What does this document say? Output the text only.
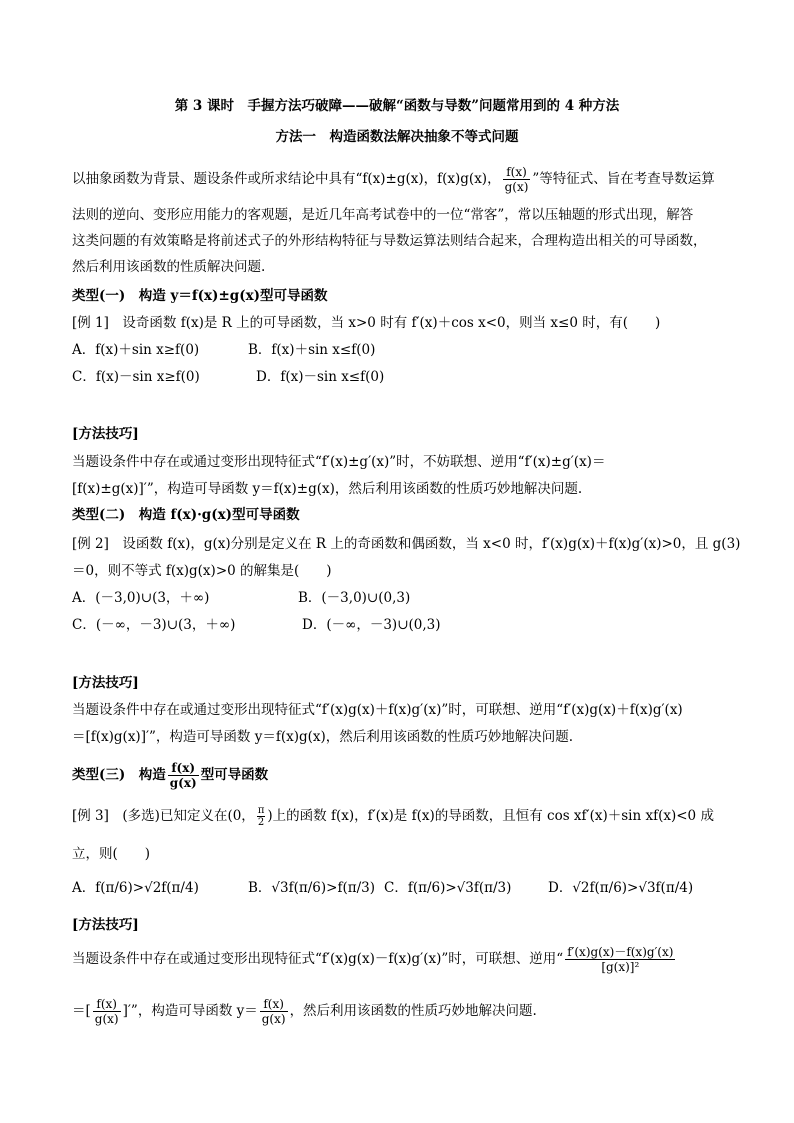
第 3 课时　手握方法巧破障——破解“函数与导数”问题常用到的 4 种方法
方法一　构造函数法解决抽象不等式问题
以抽象函数为背景、题设条件或所求结论中具有“f(x)±g(x)，f(x)g(x)， $\frac{f(x)}{g(x)}$ ”等特征式、旨在考查导数运算
法则的逆向、变形应用能力的客观题，是近几年高考试卷中的一位“常客”，常以压轴题的形式出现，解答
这类问题的有效策略是将前述式子的外形结构特征与导数运算法则结合起来，合理构造出相关的可导函数，
然后利用该函数的性质解决问题.
类型(一)　构造 y＝f(x)±g(x)型可导函数
[例 1]　设奇函数 f(x)是 R 上的可导函数，当 x>0 时有 f′(x)＋cos x<0，则当 x≤0 时，有(　　)
A．f(x)＋sin x≥f(0)	B．f(x)＋sin x≤f(0)
C．f(x)－sin x≥f(0)	D．f(x)－sin x≤f(0)
[方法技巧]
当题设条件中存在或通过变形出现特征式“f′(x)±g′(x)”时，不妨联想、逆用“f′(x)±g′(x)＝
[f(x)±g(x)]′”，构造可导函数 y＝f(x)±g(x)，然后利用该函数的性质巧妙地解决问题.
类型(二)　构造 f(x)·g(x)型可导函数
[例 2]　设函数 f(x)，g(x)分别是定义在 R 上的奇函数和偶函数，当 x<0 时，f′(x)g(x)＋f(x)g′(x)>0，且 g(3)
＝0，则不等式 f(x)g(x)>0 的解集是(　　)
A．(－3,0)∪(3，＋∞)	B．(－3,0)∪(0,3)
C．(－∞，－3)∪(3，＋∞)	D．(－∞，－3)∪(0,3)
[方法技巧]
当题设条件中存在或通过变形出现特征式“f′(x)g(x)＋f(x)g′(x)”时，可联想、逆用“f′(x)g(x)＋f(x)g′(x)
＝[f(x)g(x)]′”，构造可导函数 y＝f(x)g(x)，然后利用该函数的性质巧妙地解决问题.
类型(三)　构造 $\frac{f(x)}{g(x)}$ 型可导函数
[例 3]　(多选)已知定义在(0， $\frac{\pi}{2}$ )上的函数 f(x)，f′(x)是 f(x)的导函数，且恒有 cos xf′(x)＋sin xf(x)<0 成
立，则(　　)
A．f(π/6)>√2f(π/4)	B．√3f(π/6)>f(π/3) C．f(π/6)>√3f(π/3)	D．√2f(π/6)>√3f(π/4)
[方法技巧]
当题设条件中存在或通过变形出现特征式“f′(x)g(x)－f(x)g′(x)”时，可联想、逆用“ $\frac{f'(x)g(x)-f(x)g'(x)}{\text{[g(x)]²}}$
＝[ $\frac{f(x)}{g(x)}$ ]′”，构造可导函数 $y= \frac{f(x)}{g(x)}$ ，然后利用该函数的性质巧妙地解决问题.
